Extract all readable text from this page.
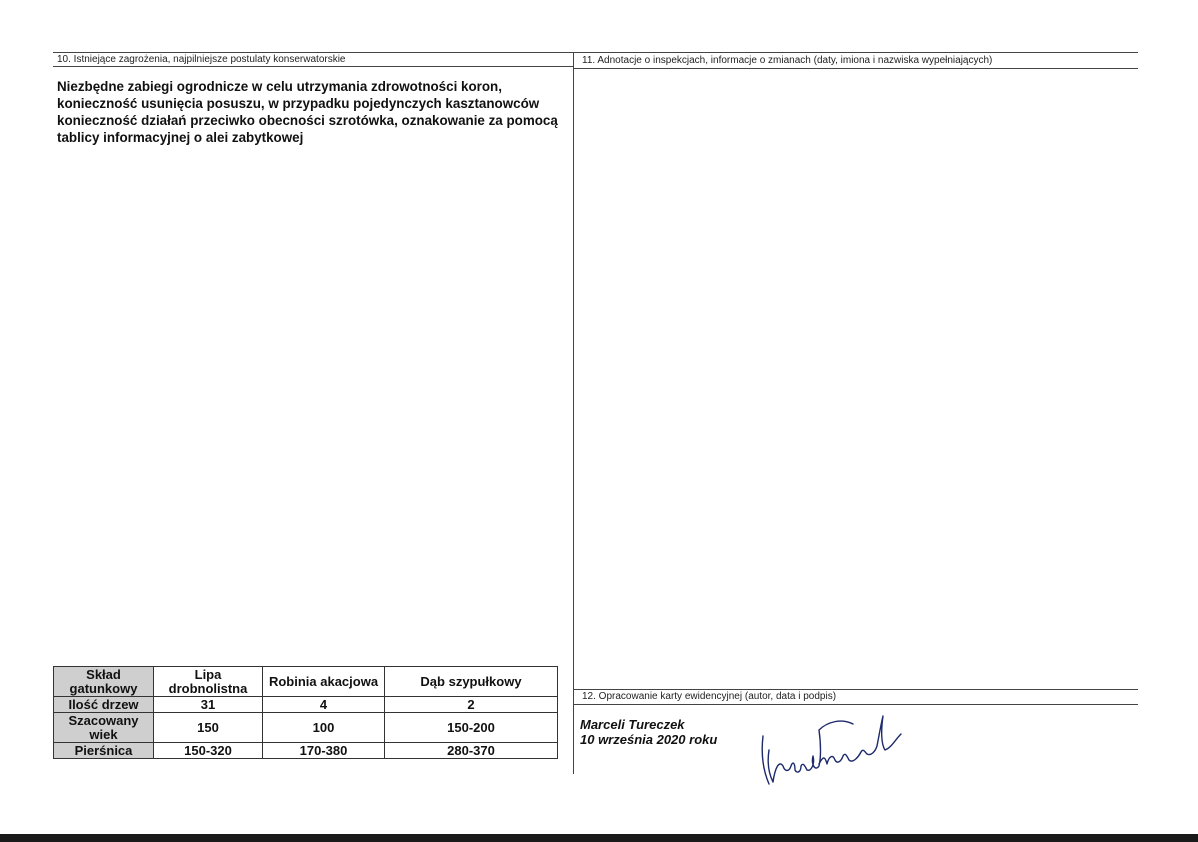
10. Istniejące zagrożenia, najpilniejsze postulaty konserwatorskie
Niezbędne zabiegi ogrodnicze w celu utrzymania zdrowotności koron,
konieczność usunięcia posuszu, w przypadku pojedynczych kasztanowców
konieczność działań przeciwko obecności szrotówka, oznakowanie za pomocą
tablicy informacyjnej o alei zabytkowej
11. Adnotacje o inspekcjach, informacje o zmianach (daty, imiona i nazwiska wypełniających)
Skład gatunkowy	Lipa drobnolistna	Robinia akacjowa	Dąb szypułkowy
Ilość drzew	31	4	2
Szacowany wiek	150	100	150-200
Pierśnica	150-320	170-380	280-370
12. Opracowanie karty ewidencyjnej (autor, data i podpis)
Marceli Tureczek
10 września 2020 roku
